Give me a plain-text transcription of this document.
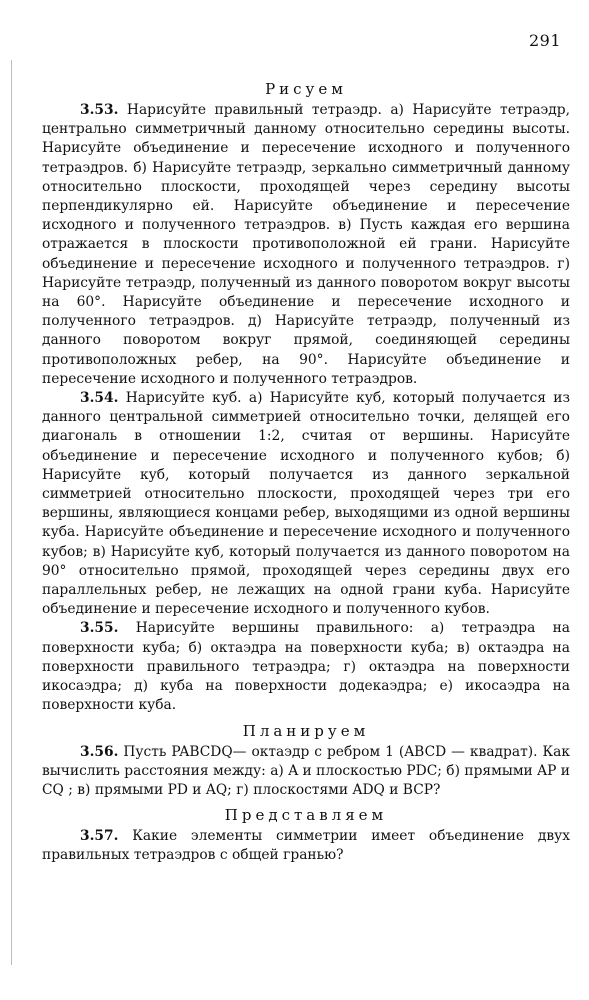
291
Рисуем

3.53. Нарисуйте правильный тетраэдр. а) Нарисуйте тетраэдр, центрально симметричный данному относительно середины высоты. Нарисуйте объединение и пересечение исходного и полученного тетраэдров. б) Нарисуйте тетраэдр, зеркально симметричный данному относительно плоскости, проходящей через середину высоты перпендикулярно ей. Нарисуйте объединение и пересечение исходного и полученного тетраэдров. в) Пусть каждая его вершина отражается в плоскости противоположной ей грани. Нарисуйте объединение и пересечение исходного и полученного тетраэдров. г) Нарисуйте тетраэдр, полученный из данного поворотом вокруг высоты на 60°. Нарисуйте объединение и пересечение исходного и полученного тетраэдров. д) Нарисуйте тетраэдр, полученный из данного поворотом вокруг прямой, соединяющей середины противоположных ребер, на 90°. Нарисуйте объединение и пересечение исходного и полученного тетраэдров.

3.54. Нарисуйте куб. а) Нарисуйте куб, который получается из данного центральной симметрией относительно точки, делящей его диагональ в отношении 1:2, считая от вершины. Нарисуйте объединение и пересечение исходного и полученного кубов; б) Нарисуйте куб, который получается из данного зеркальной симметрией относительно плоскости, проходящей через три его вершины, являющиеся концами ребер, выходящими из одной вершины куба. Нарисуйте объединение и пересечение исходного и полученного кубов; в) Нарисуйте куб, который получается из данного поворотом на 90° относительно прямой, проходящей через середины двух его параллельных ребер, не лежащих на одной грани куба. Нарисуйте объединение и пересечение исходного и полученного кубов.

3.55. Нарисуйте вершины правильного: а) тетраэдра на поверхности куба; б) октаэдра на поверхности куба; в) октаэдра на поверхности правильного тетраэдра; г) октаэдра на поверхности икосаэдра; д) куба на поверхности додекаэдра; е) икосаэдра на поверхности куба.

Планируем

3.56. Пусть PABCDQ— октаэдр с ребром 1 (ABCD — квадрат). Как вычислить расстояния между: а) A и плоскостью PDC; б) прямыми AP и CQ ; в) прямыми PD и AQ; г) плоскостями ADQ и BCP?

Представляем

3.57. Какие элементы симметрии имеет объединение двух правильных тетраэдров с общей гранью?
